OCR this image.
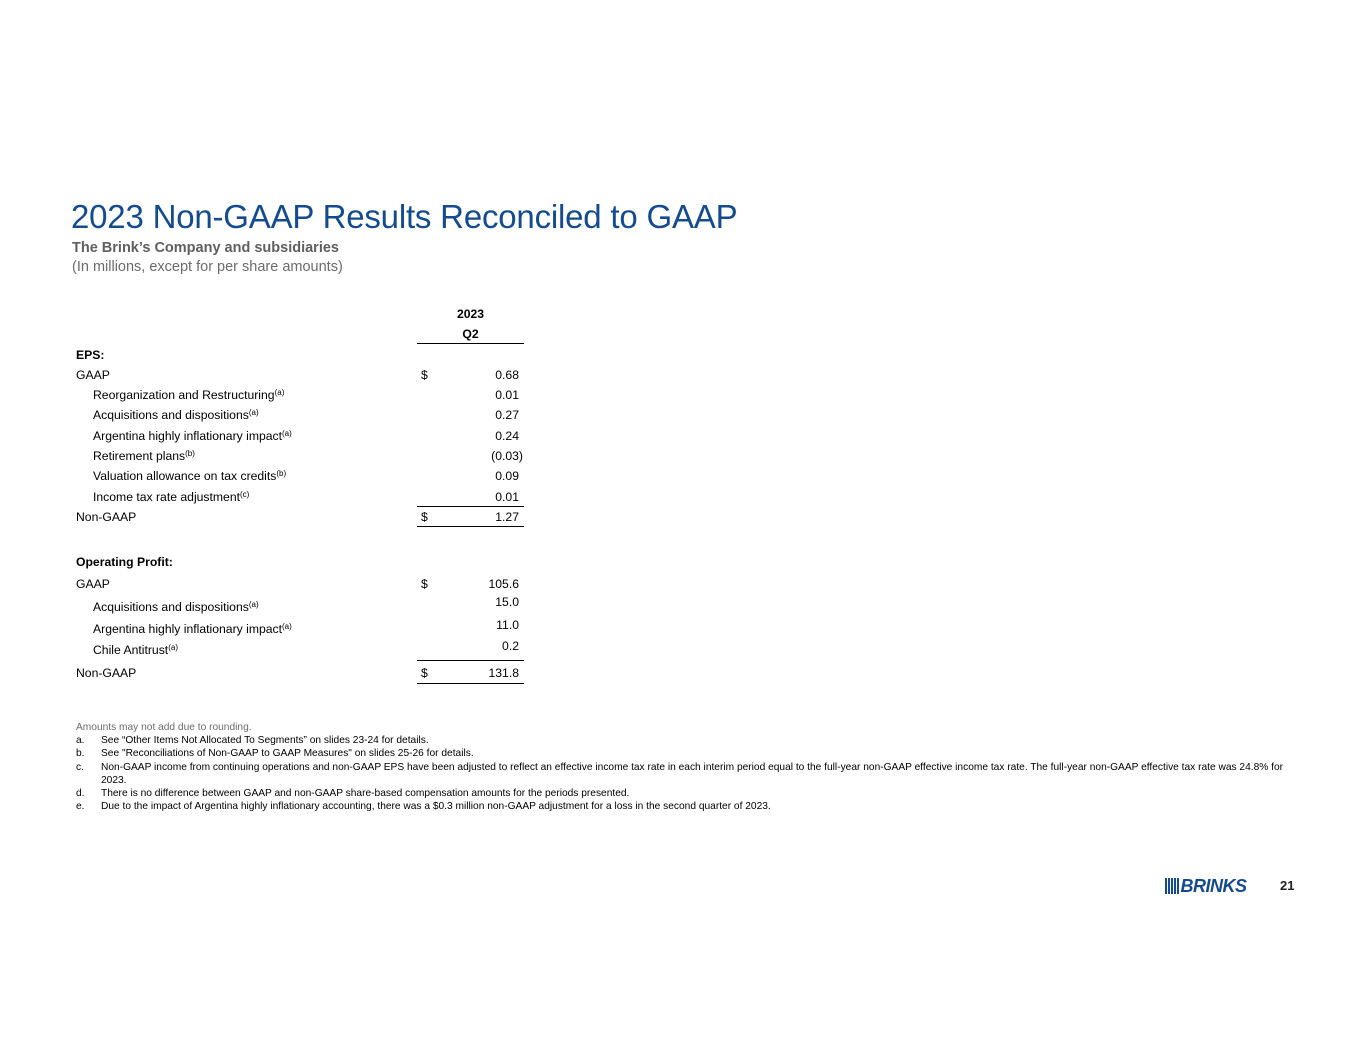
2023 Non-GAAP Results Reconciled to GAAP
The Brink’s Company and subsidiaries
(In millions, except for per share amounts)
2023
Q2
EPS:
GAAP	$	0.68
Reorganization and Restructuring$^{(a)}$	0.01
Acquisitions and dispositions$^{(a)}$	0.27
Argentina highly inflationary impact$^{(a)}$	0.24
Retirement plans$^{(b)}$	(0.03)
Valuation allowance on tax credits$^{(b)}$	0.09
Income tax rate adjustment$^{(c)}$	0.01
Non-GAAP	$	1.27
Operating Profit:
GAAP	$	105.6
Acquisitions and dispositions$^{(a)}$	15.0
Argentina highly inflationary impact$^{(a)}$	11.0
Chile Antitrust$^{(a)}$	0.2
Non-GAAP	$	131.8
Amounts may not add due to rounding.
a. See “Other Items Not Allocated To Segments” on slides 23-24 for details.
b. See "Reconciliations of Non-GAAP to GAAP Measures" on slides 25-26 for details.
c. Non-GAAP income from continuing operations and non-GAAP EPS have been adjusted to reflect an effective income tax rate in each interim period equal to the full-year non-GAAP effective income tax rate. The full-year non-GAAP effective tax rate was 24.8% for 2023.
d. There is no difference between GAAP and non-GAAP share-based compensation amounts for the periods presented.
e. Due to the impact of Argentina highly inflationary accounting, there was a $0.3 million non-GAAP adjustment for a loss in the second quarter of 2023.
BRINKS	21
